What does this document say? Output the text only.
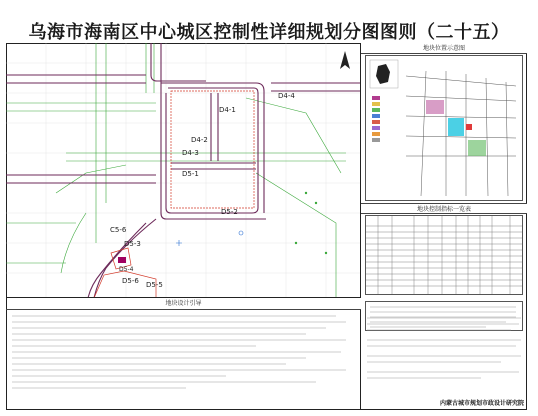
乌海市海南区中心城区控制性详细规划分图图则（二十五）
D4-1
D4-2
D4-3
D4-4
D5-1
D5-2
C5-6
D5-3
D5-4
D5-5
D5-6
地块位置示意图
地块控制指标一览表
地块设计引导
内蒙古城市规划市政设计研究院
